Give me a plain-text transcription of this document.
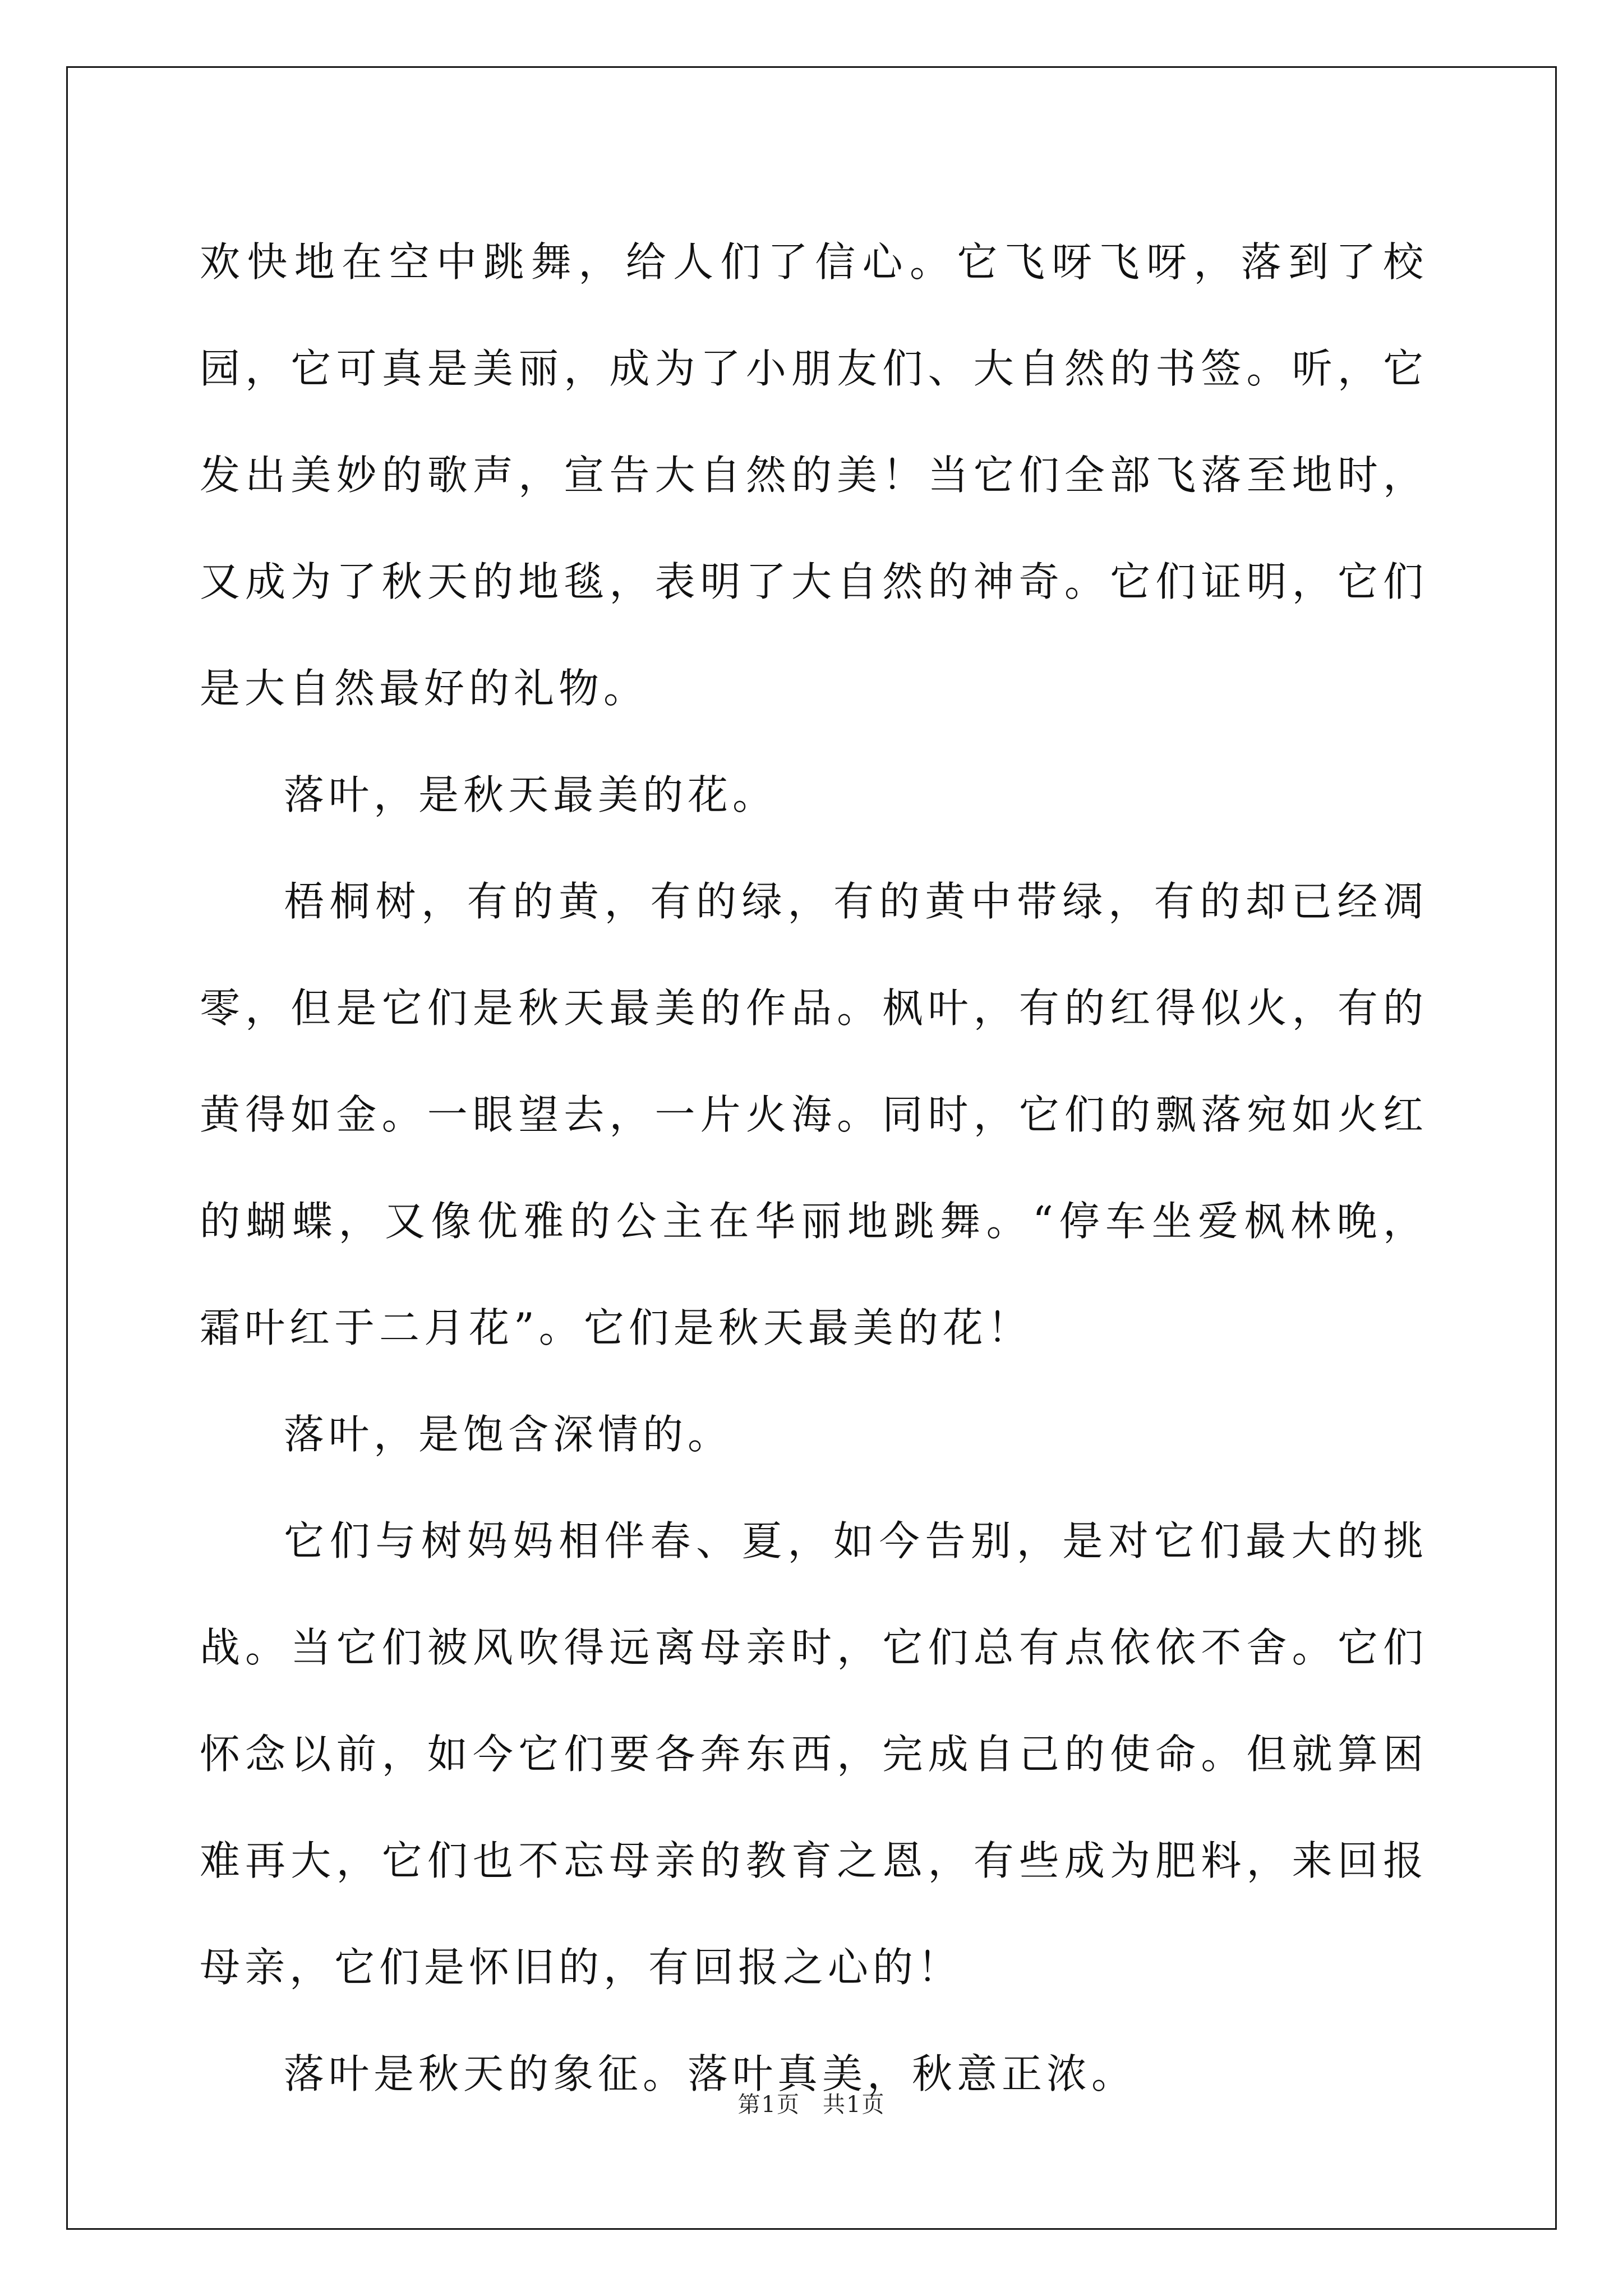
欢快地在空中跳舞，给人们了信心。它飞呀飞呀，落到了校园，它可真是美丽，成为了小朋友们、大自然的书签。听，它发出美妙的歌声，宣告大自然的美！当它们全部飞落至地时，又成为了秋天的地毯，表明了大自然的神奇。它们证明，它们是大自然最好的礼物。

落叶，是秋天最美的花。

梧桐树，有的黄，有的绿，有的黄中带绿，有的却已经凋零，但是它们是秋天最美的作品。枫叶，有的红得似火，有的黄得如金。一眼望去，一片火海。同时，它们的飘落宛如火红的蝴蝶，又像优雅的公主在华丽地跳舞。“停车坐爱枫林晚，霜叶红于二月花”。它们是秋天最美的花！

落叶，是饱含深情的。

它们与树妈妈相伴春、夏，如今告别，是对它们最大的挑战。当它们被风吹得远离母亲时，它们总有点依依不舍。它们怀念以前，如今它们要各奔东西，完成自己的使命。但就算困难再大，它们也不忘母亲的教育之恩，有些成为肥料，来回报母亲，它们是怀旧的，有回报之心的！

落叶是秋天的象征。落叶真美，秋意正浓。

第1页 共1页
